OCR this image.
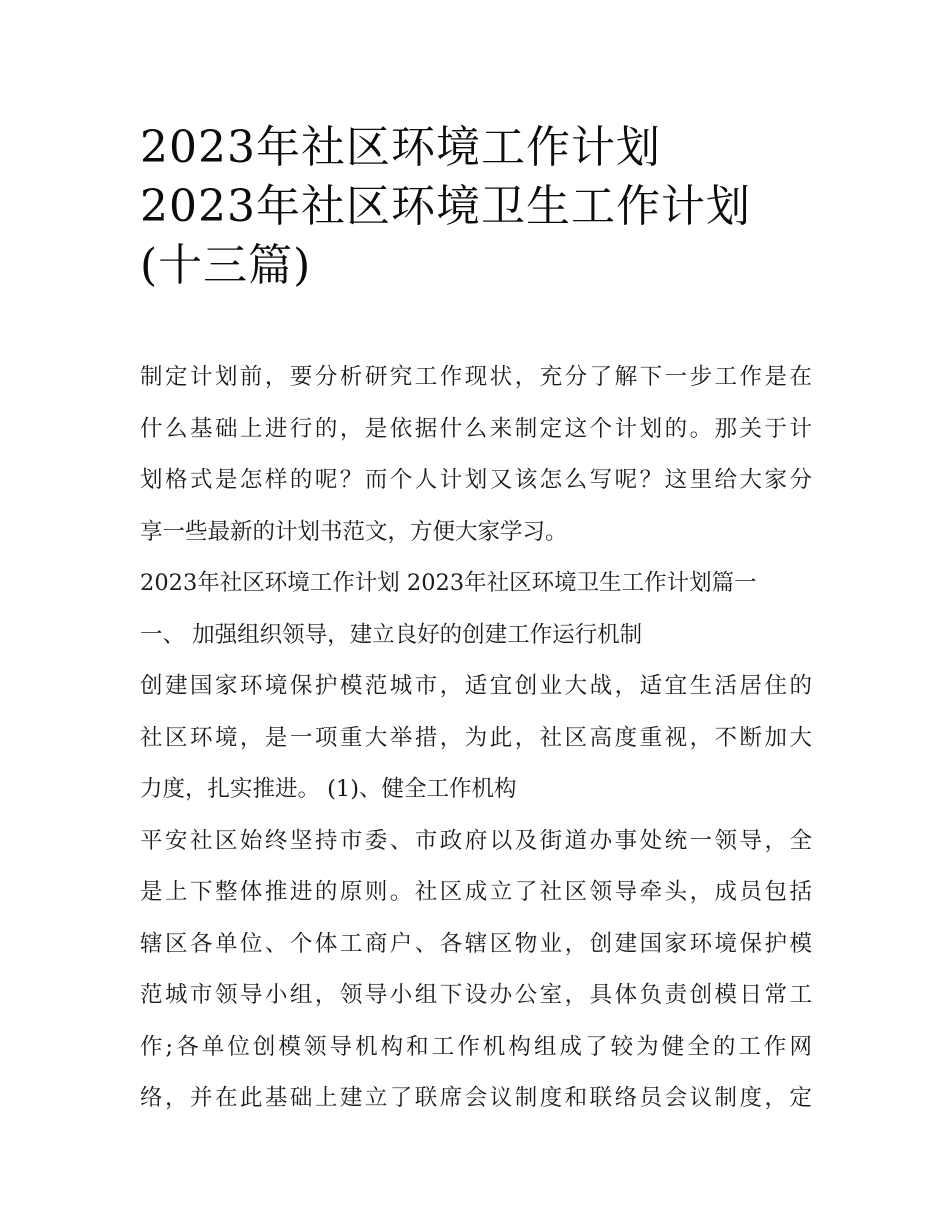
2023年社区环境工作计划
2023年社区环境卫生工作计划
(十三篇)

制定计划前，要分析研究工作现状，充分了解下一步工作是在
什么基础上进行的，是依据什么来制定这个计划的。那关于计
划格式是怎样的呢？而个人计划又该怎么写呢？这里给大家分
享一些最新的计划书范文，方便大家学习。

2023年社区环境工作计划 2023年社区环境卫生工作计划篇一

一、 加强组织领导，建立良好的创建工作运行机制

创建国家环境保护模范城市，适宜创业大战，适宜生活居住的
社区环境，是一项重大举措，为此，社区高度重视，不断加大
力度，扎实推进。 (1)、健全工作机构

平安社区始终坚持市委、市政府以及街道办事处统一领导，全
是上下整体推进的原则。社区成立了社区领导牵头，成员包括
辖区各单位、个体工商户、各辖区物业，创建国家环境保护模
范城市领导小组，领导小组下设办公室，具体负责创模日常工
作;各单位创模领导机构和工作机构组成了较为健全的工作网
络，并在此基础上建立了联席会议制度和联络员会议制度，定
